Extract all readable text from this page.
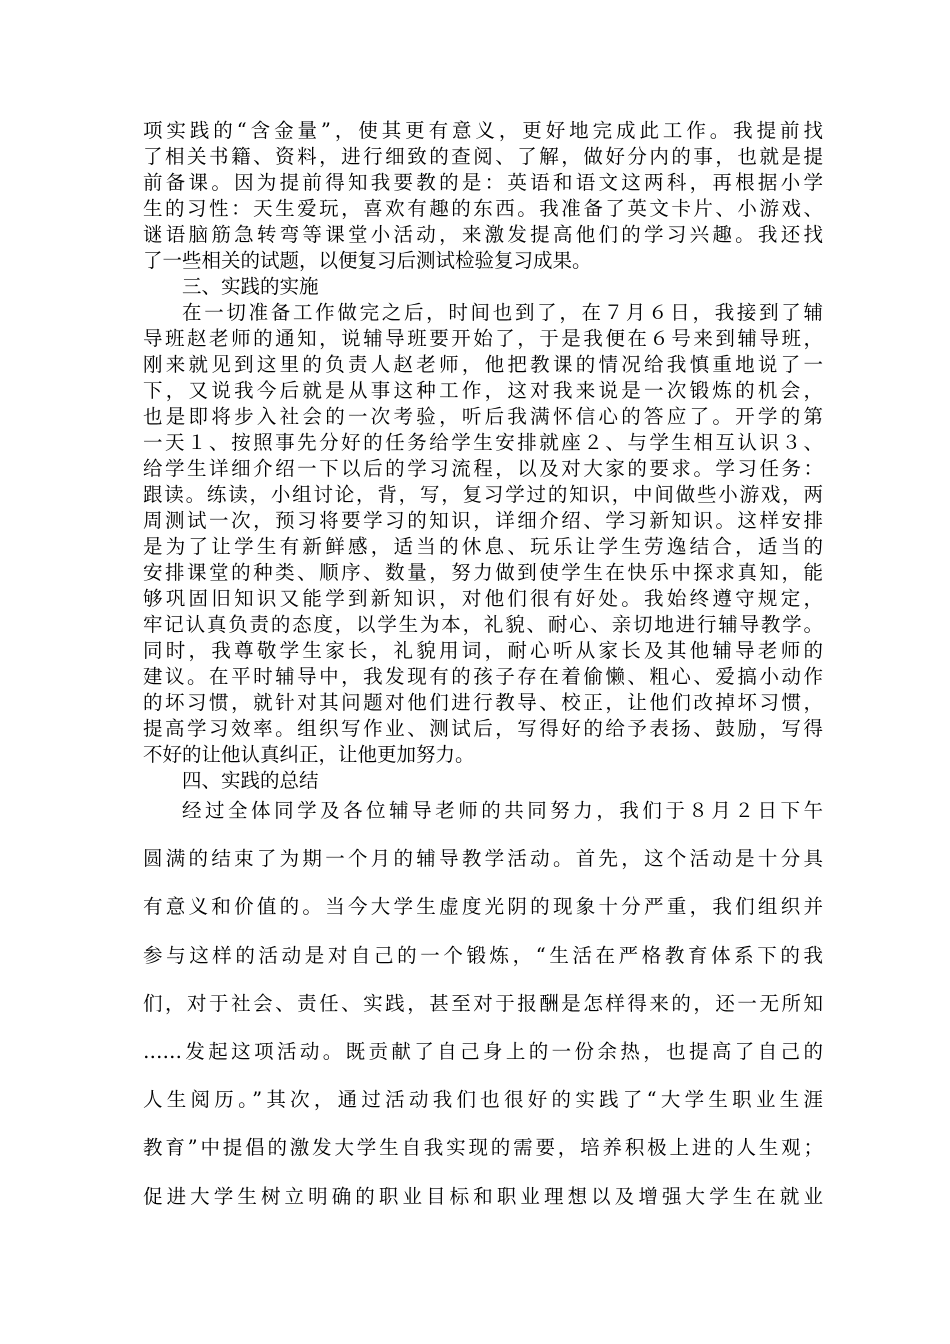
项实践的“含金量”，使其更有意义，更好地完成此工作。我提前找
了相关书籍、资料，进行细致的查阅、了解，做好分内的事，也就是提
前备课。因为提前得知我要教的是：英语和语文这两科，再根据小学
生的习性：天生爱玩，喜欢有趣的东西。我准备了英文卡片、小游戏、
谜语脑筋急转弯等课堂小活动，来激发提高他们的学习兴趣。我还找
了一些相关的试题，以便复习后测试检验复习成果。
三、实践的实施
在一切准备工作做完之后，时间也到了，在７月６日，我接到了辅
导班赵老师的通知，说辅导班要开始了，于是我便在６号来到辅导班，
刚来就见到这里的负责人赵老师，他把教课的情况给我慎重地说了一
下，又说我今后就是从事这种工作，这对我来说是一次锻炼的机会，
也是即将步入社会的一次考验，听后我满怀信心的答应了。开学的第
一天１、按照事先分好的任务给学生安排就座２、与学生相互认识３、
给学生详细介绍一下以后的学习流程，以及对大家的要求。学习任务：
跟读。练读，小组讨论，背，写，复习学过的知识，中间做些小游戏，两
周测试一次，预习将要学习的知识，详细介绍、学习新知识。这样安排
是为了让学生有新鲜感，适当的休息、玩乐让学生劳逸结合，适当的
安排课堂的种类、顺序、数量，努力做到使学生在快乐中探求真知，能
够巩固旧知识又能学到新知识，对他们很有好处。我始终遵守规定，
牢记认真负责的态度，以学生为本，礼貌、耐心、亲切地进行辅导教学。
同时，我尊敬学生家长，礼貌用词，耐心听从家长及其他辅导老师的
建议。在平时辅导中，我发现有的孩子存在着偷懒、粗心、爱搞小动作
的坏习惯，就针对其问题对他们进行教导、校正，让他们改掉坏习惯，
提高学习效率。组织写作业、测试后，写得好的给予表扬、鼓励，写得
不好的让他认真纠正，让他更加努力。
四、实践的总结
经过全体同学及各位辅导老师的共同努力，我们于８月２日下午
圆满的结束了为期一个月的辅导教学活动。首先，这个活动是十分具
有意义和价值的。当今大学生虚度光阴的现象十分严重，我们组织并
参与这样的活动是对自己的一个锻炼，“生活在严格教育体系下的我
们，对于社会、责任、实践，甚至对于报酬是怎样得来的，还一无所知
……发起这项活动。既贡献了自己身上的一份余热，也提高了自己的
人生阅历。”其次，通过活动我们也很好的实践了“大学生职业生涯
教育”中提倡的激发大学生自我实现的需要，培养积极上进的人生观；
促进大学生树立明确的职业目标和职业理想以及增强大学生在就业
